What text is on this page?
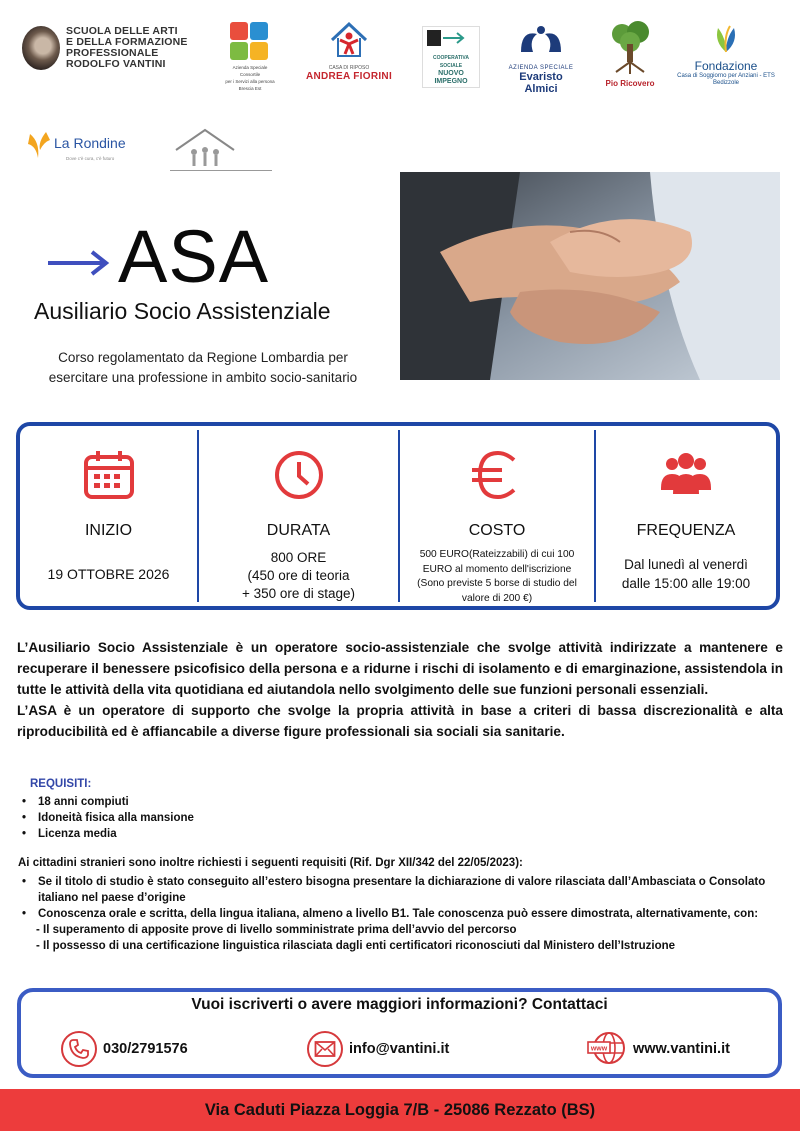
SCUOLA DELLE ARTI
E DELLA FORMAZIONE
PROFESSIONALE
RODOLFO VANTINI	Azienda Speciale Consortile
per i Servizi alla persona
Brescia Est
CASA DI RIPOSO
ANDREA FIORINI
COOPERATIVA
SOCIALE
NUOVO
IMPEGNO
AZIENDA SPECIALE
Evaristo Almici	Pio Ricovero
Fondazione
Casa di Soggiorno per Anziani - ETS
Bedizzole
La Rondine
Dove c'è cura, c'è futuro
ASA
Ausiliario Socio Assistenziale
Corso regolamentato da Regione Lombardia per esercitare una professione in ambito socio-sanitario
INIZIO
19 OTTOBRE 2026
DURATA
800 ORE
(450 ore di teoria
+ 350 ore di stage)
COSTO
500 EURO(Rateizzabili) di cui 100
EURO al momento dell'iscrizione
(Sono previste 5 borse di studio del
valore di 200 €)
FREQUENZA
Dal lunedì al venerdì
dalle 15:00 alle 19:00

L’Ausiliario Socio Assistenziale è un operatore socio-assistenziale che svolge attività indirizzate a mantenere e recuperare il benessere psicofisico della persona e a ridurne i rischi di isolamento e di emarginazione, assistendola in tutte le attività della vita quotidiana ed aiutandola nello svolgimento delle sue funzioni personali essenziali.

L’ASA è un operatore di supporto che svolge la propria attività in base a criteri di bassa discrezionalità e alta riproducibilità ed è affiancabile a diverse figure professionali sia sociali sia sanitarie.

REQUISITI:
• 18 anni compiuti
• Idoneità fisica alla mansione
• Licenza media
Ai cittadini stranieri sono inoltre richiesti i seguenti requisiti (Rif. Dgr XII/342 del 22/05/2023):
• Se il titolo di studio è stato conseguito all’estero bisogna presentare la dichiarazione di valore rilasciata dall’Ambasciata o Consolato italiano nel paese d’origine
• Conoscenza orale e scritta, della lingua italiana, almeno a livello B1. Tale conoscenza può essere dimostrata, alternativamente, con:
- Il superamento di apposite prove di livello somministrate prima dell’avvio del percorso
- Il possesso di una certificazione linguistica rilasciata dagli enti certificatori riconosciuti dal Ministero dell’Istruzione
Vuoi iscriverti o avere maggiori informazioni? Contattaci
030/2791576	info@vantini.it	www www.vantini.it
Via Caduti Piazza Loggia 7/B - 25086 Rezzato (BS)
